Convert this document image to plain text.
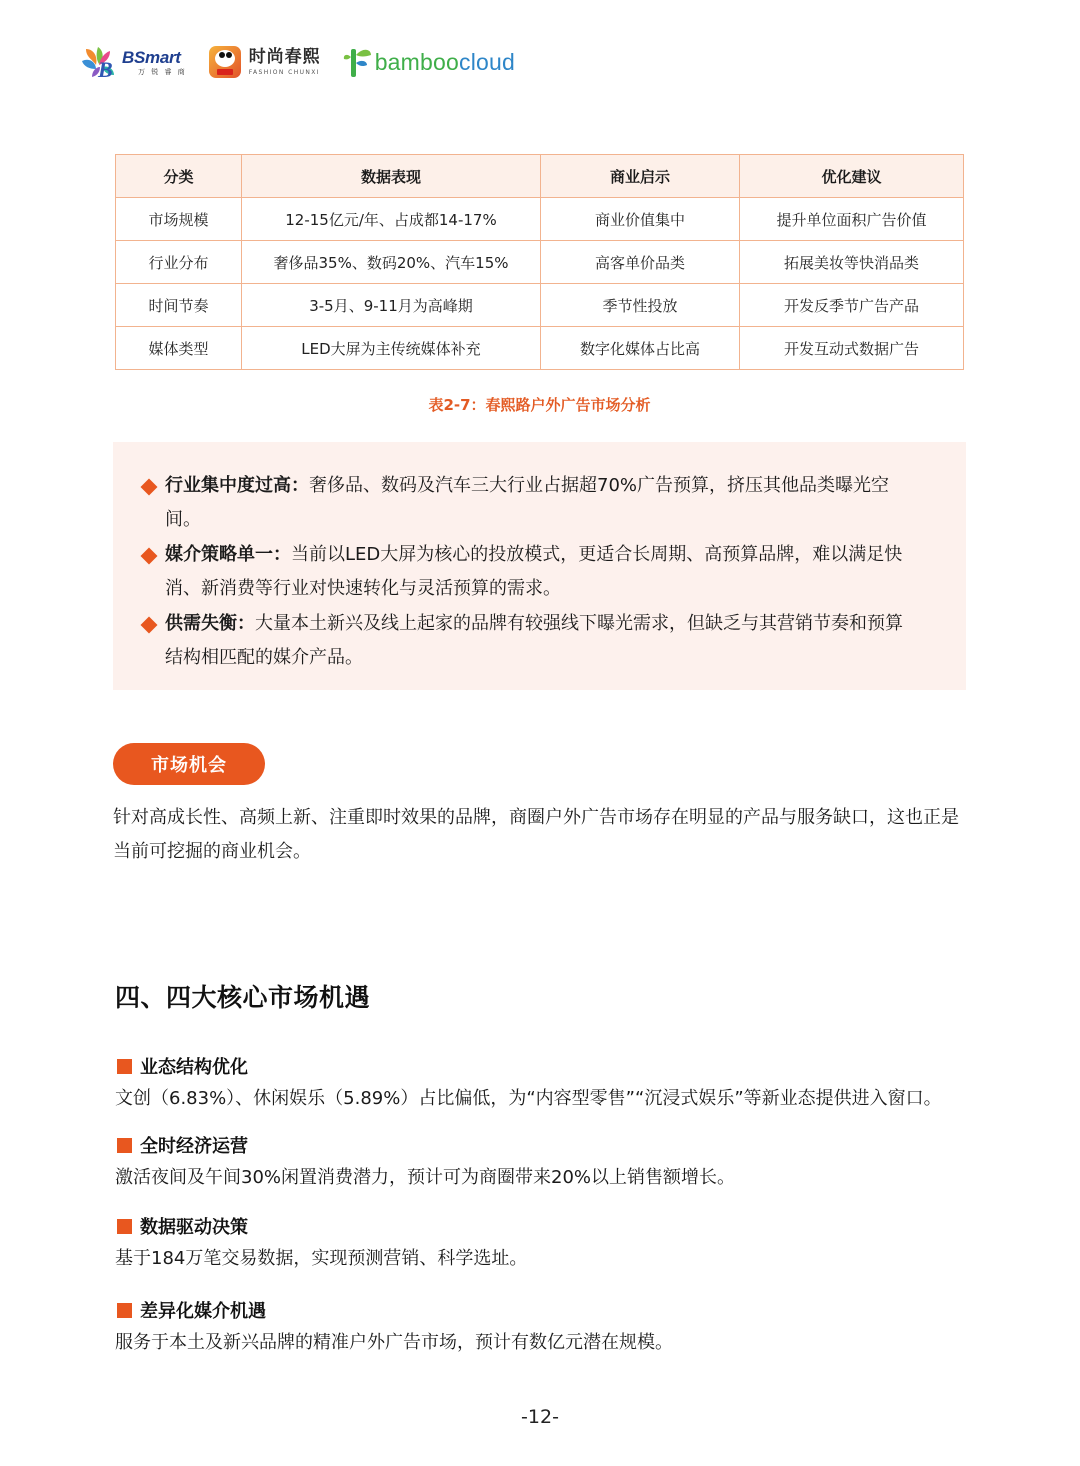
B BSmart
万 锐 睿 商
时尚春熙
FASHION CHUNXI bamboocloud
分类	数据表现	商业启示	优化建议
市场规模	12-15亿元/年、占成都14-17%	商业价值集中	提升单位面积广告价值
行业分布	奢侈品35%、数码20%、汽车15%	高客单价品类	拓展美妆等快消品类
时间节奏	3-5月、9-11月为高峰期	季节性投放	开发反季节广告产品
媒体类型	LED大屏为主传统媒体补充	数字化媒体占比高	开发互动式数据广告
表2-7：春熙路户外广告市场分析
行业集中度过高：奢侈品、数码及汽车三大行业占据超70%广告预算，挤压其他品类曝光空间。
媒介策略单一：当前以LED大屏为核心的投放模式，更适合长周期、高预算品牌，难以满足快消、新消费等行业对快速转化与灵活预算的需求。
供需失衡：大量本土新兴及线上起家的品牌有较强线下曝光需求，但缺乏与其营销节奏和预算结构相匹配的媒介产品。
市场机会
针对高成长性、高频上新、注重即时效果的品牌，商圈户外广告市场存在明显的产品与服务缺口，这也正是当前可挖掘的商业机会。
四、四大核心市场机遇
业态结构优化
文创（6.83%）、休闲娱乐（5.89%）占比偏低，为“内容型零售”“沉浸式娱乐”等新业态提供进入窗口。
全时经济运营
激活夜间及午间30%闲置消费潜力，预计可为商圈带来20%以上销售额增长。
数据驱动决策
基于184万笔交易数据，实现预测营销、科学选址。
差异化媒介机遇
服务于本土及新兴品牌的精准户外广告市场，预计有数亿元潜在规模。
-12-
